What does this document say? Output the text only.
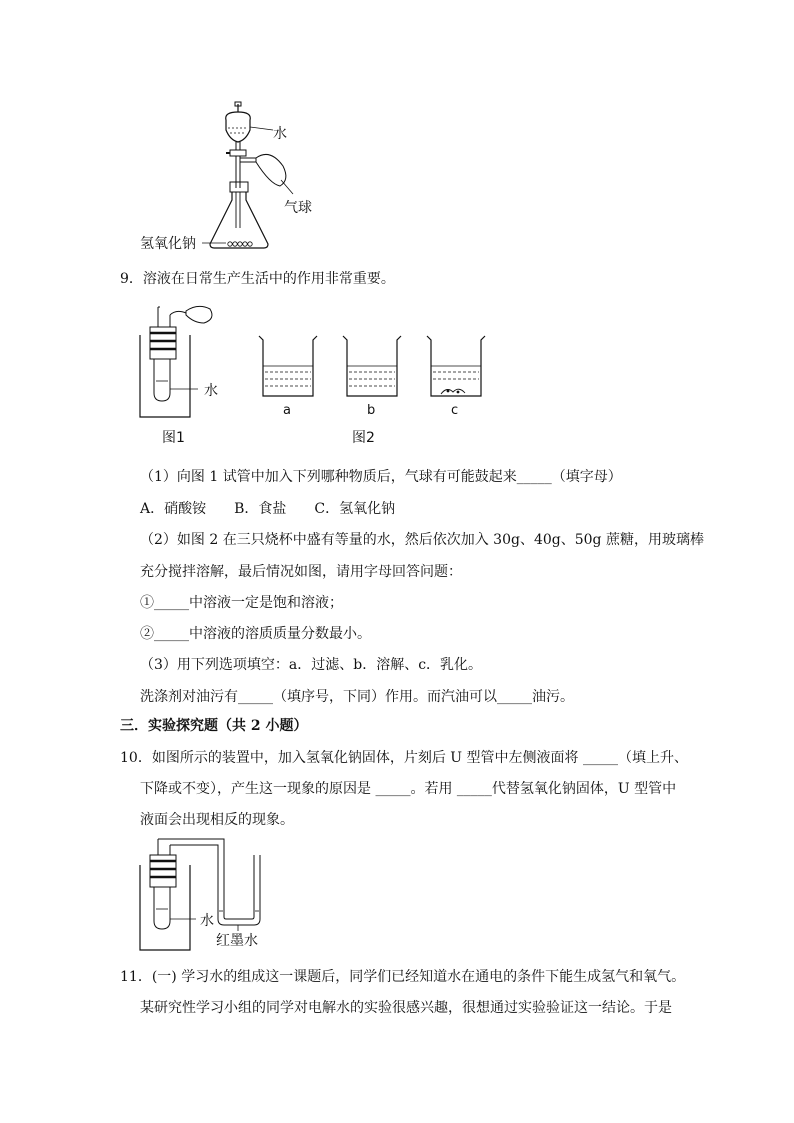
水
气球
氢氧化钠
9．溶液在日常生产生活中的作用非常重要。
水
图1
a	b	c
图2
（1）向图 1 试管中加入下列哪种物质后，气球有可能鼓起来_____（填字母）
A．硝酸铵　　B．食盐　　C．氢氧化钠
（2）如图 2 在三只烧杯中盛有等量的水，然后依次加入 30g、40g、50g 蔗糖，用玻璃棒
充分搅拌溶解，最后情况如图，请用字母回答问题：
①_____中溶液一定是饱和溶液；
②_____中溶液的溶质质量分数最小。
（3）用下列选项填空：a．过滤、b．溶解、c．乳化。
洗涤剂对油污有_____（填序号，下同）作用。而汽油可以_____油污。
三．实验探究题（共 2 小题）
10．如图所示的装置中，加入氢氧化钠固体，片刻后 U 型管中左侧液面将 _____（填上升、
下降或不变），产生这一现象的原因是 _____。若用 _____代替氢氧化钠固体，U 型管中
液面会出现相反的现象。
水
红墨水
11．(一) 学习水的组成这一课题后，同学们已经知道水在通电的条件下能生成氢气和氧气。
某研究性学习小组的同学对电解水的实验很感兴趣，很想通过实验验证这一结论。于是
